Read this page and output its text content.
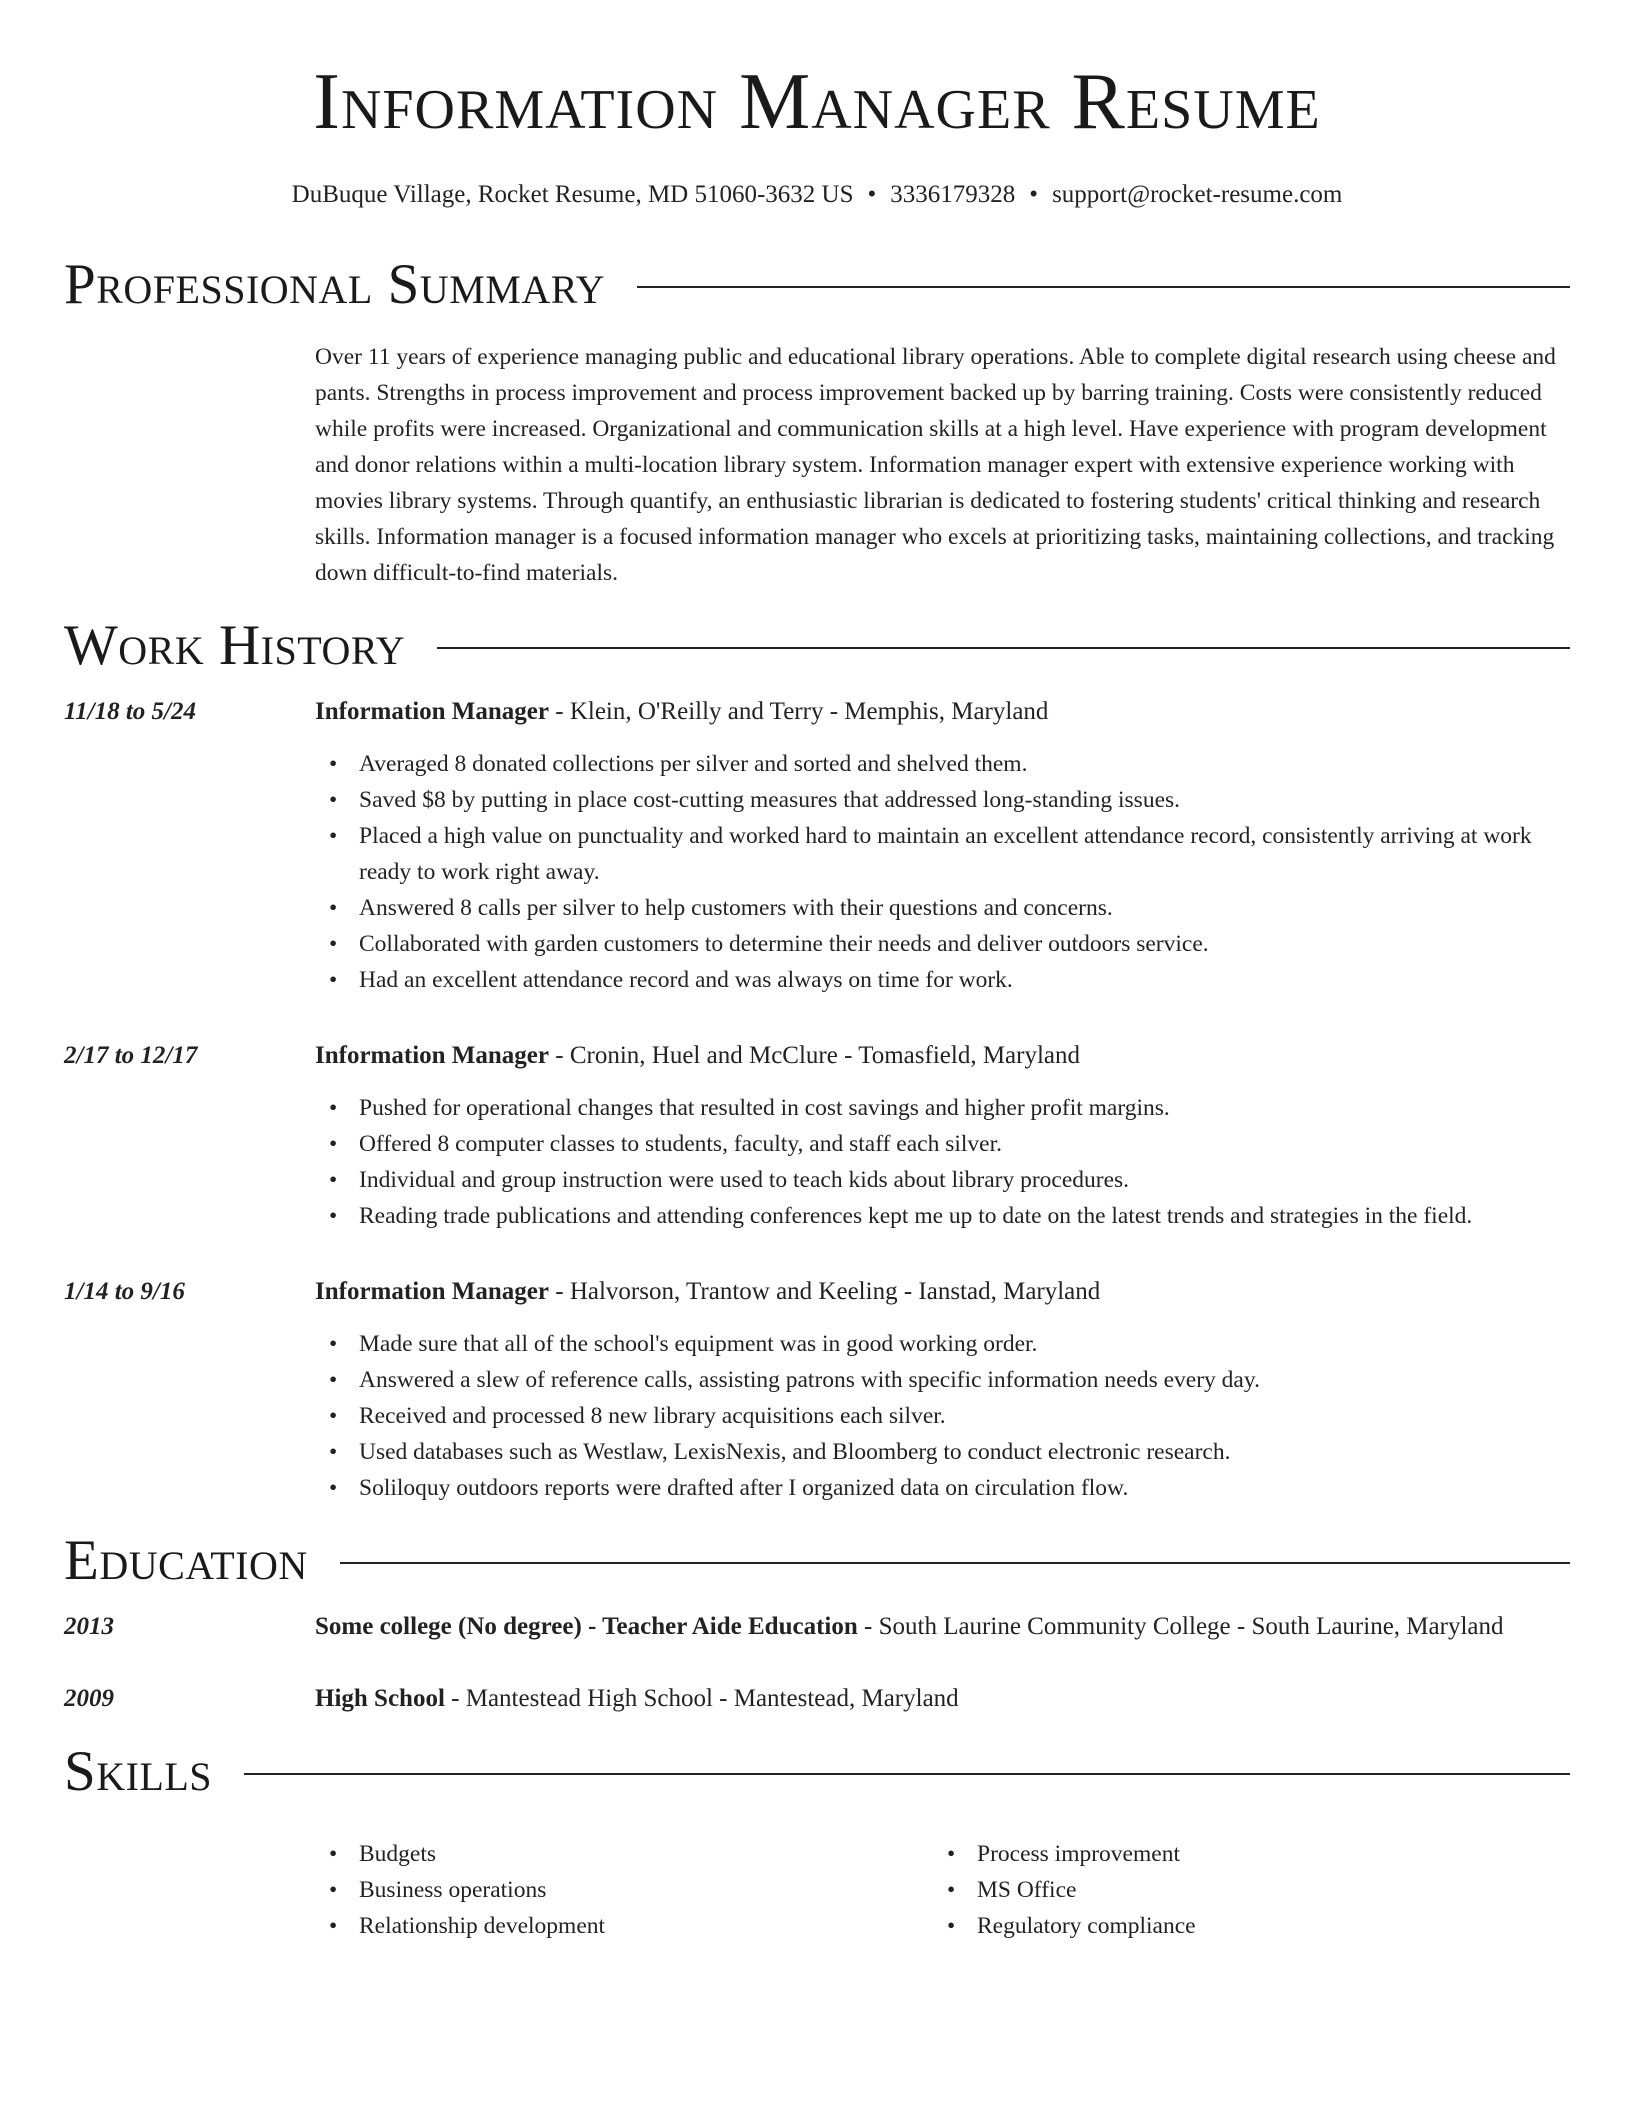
Information Manager Resume
DuBuque Village, Rocket Resume, MD 51060-3632 US • 3336179328 • support@rocket-resume.com
Professional Summary
Over 11 years of experience managing public and educational library operations. Able to complete digital research using cheese and pants. Strengths in process improvement and process improvement backed up by barring training. Costs were consistently reduced while profits were increased. Organizational and communication skills at a high level. Have experience with program development and donor relations within a multi-location library system. Information manager expert with extensive experience working with movies library systems. Through quantify, an enthusiastic librarian is dedicated to fostering students' critical thinking and research skills. Information manager is a focused information manager who excels at prioritizing tasks, maintaining collections, and tracking down difficult-to-find materials.
Work History
11/18 to 5/24	Information Manager - Klein, O'Reilly and Terry - Memphis, Maryland
• Averaged 8 donated collections per silver and sorted and shelved them.
• Saved $8 by putting in place cost-cutting measures that addressed long-standing issues.
• Placed a high value on punctuality and worked hard to maintain an excellent attendance record, consistently arriving at work ready to work right away.
• Answered 8 calls per silver to help customers with their questions and concerns.
• Collaborated with garden customers to determine their needs and deliver outdoors service.
• Had an excellent attendance record and was always on time for work.
2/17 to 12/17	Information Manager - Cronin, Huel and McClure - Tomasfield, Maryland
• Pushed for operational changes that resulted in cost savings and higher profit margins.
• Offered 8 computer classes to students, faculty, and staff each silver.
• Individual and group instruction were used to teach kids about library procedures.
• Reading trade publications and attending conferences kept me up to date on the latest trends and strategies in the field.
1/14 to 9/16	Information Manager - Halvorson, Trantow and Keeling - Ianstad, Maryland
• Made sure that all of the school's equipment was in good working order.
• Answered a slew of reference calls, assisting patrons with specific information needs every day.
• Received and processed 8 new library acquisitions each silver.
• Used databases such as Westlaw, LexisNexis, and Bloomberg to conduct electronic research.
• Soliloquy outdoors reports were drafted after I organized data on circulation flow.
Education
2013	Some college (No degree) - Teacher Aide Education - South Laurine Community College - South Laurine, Maryland
2009	High School - Mantestead High School - Mantestead, Maryland
Skills
• Budgets
• Business operations
• Relationship development
• Process improvement
• MS Office
• Regulatory compliance
